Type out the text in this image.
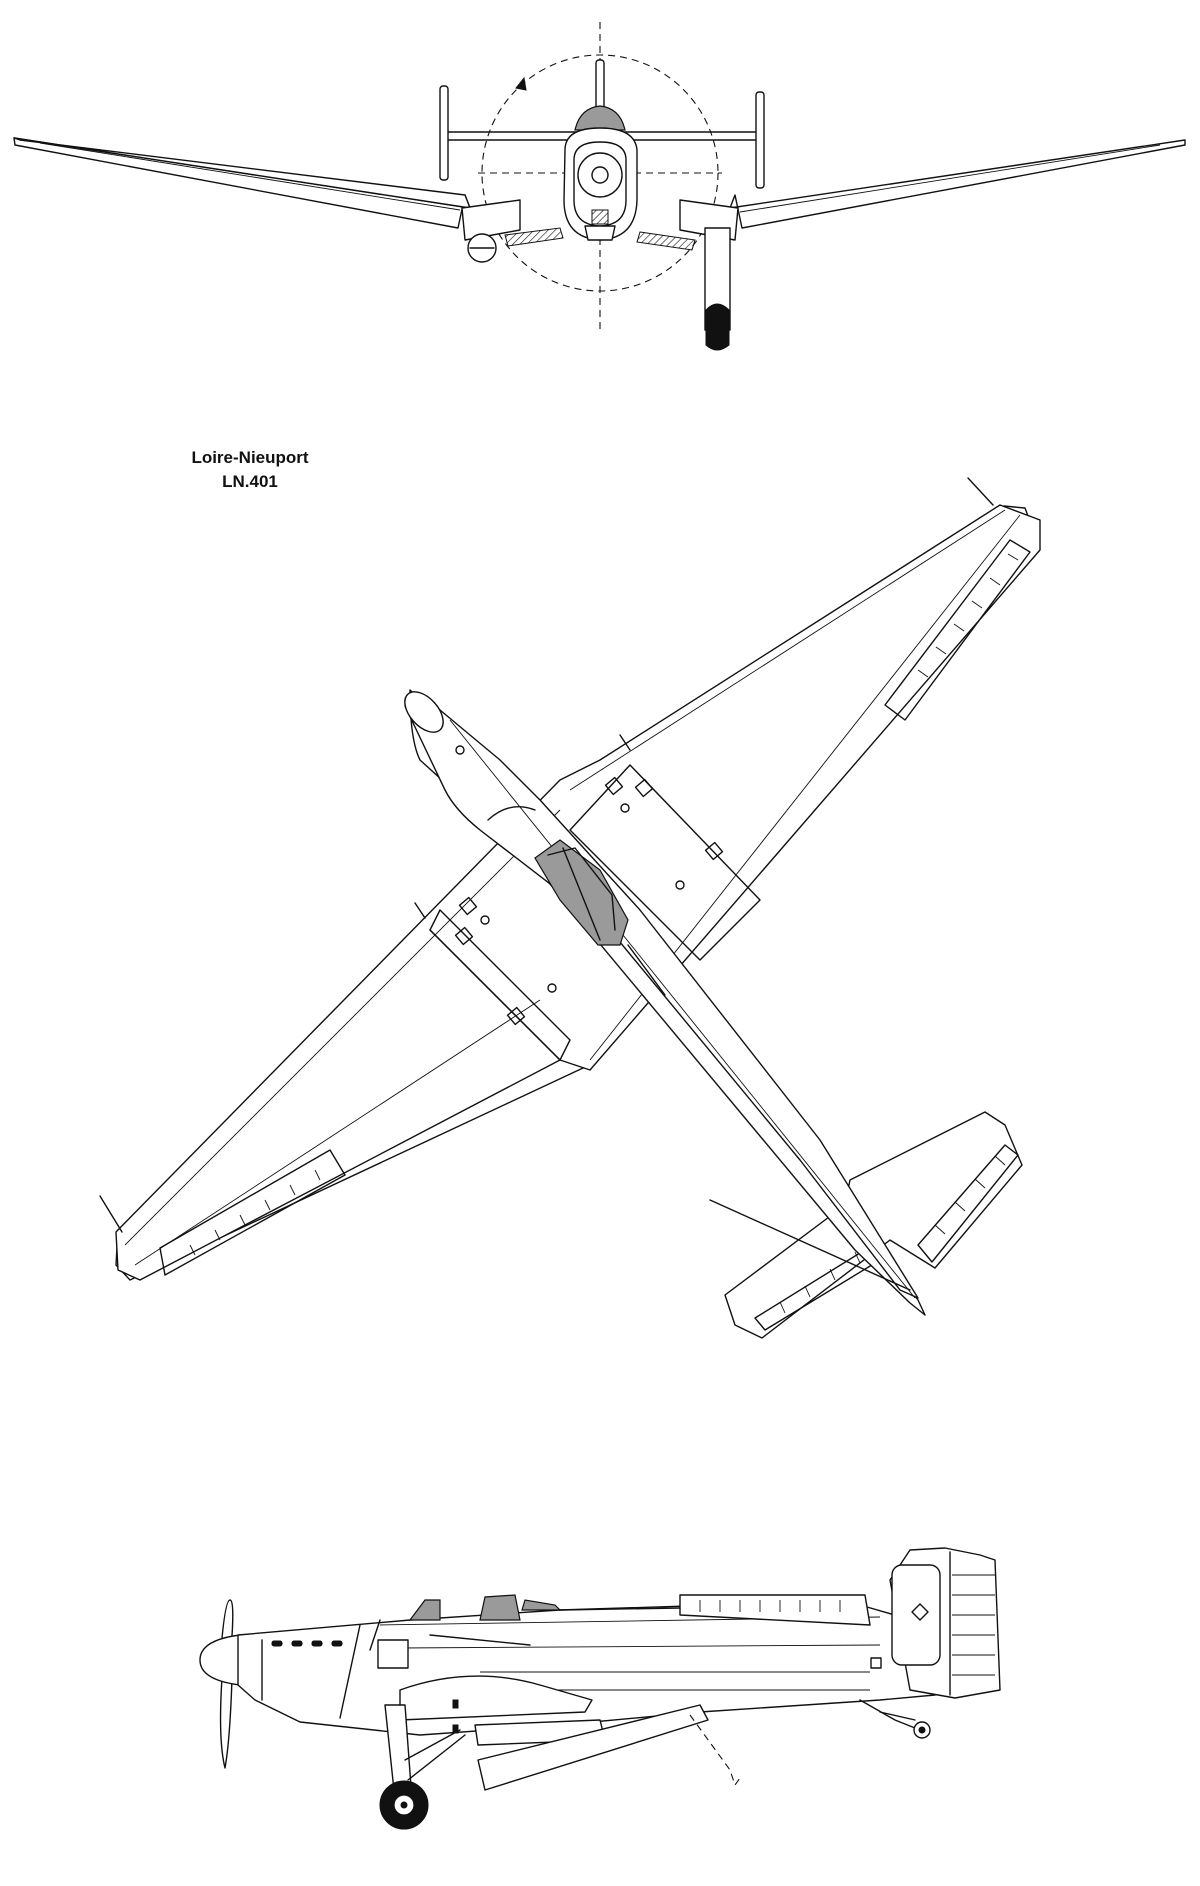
Loire-Nieuport
LN.401
